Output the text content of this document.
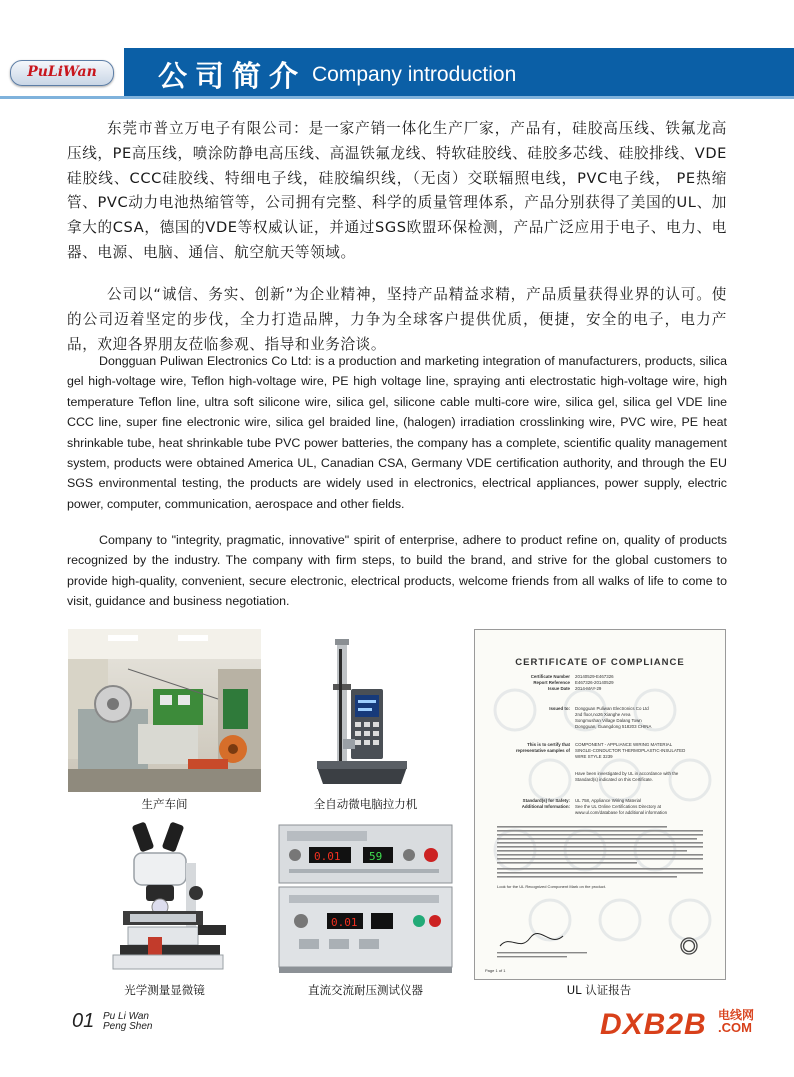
PuLiWan	公司简介 Company introduction

东莞市普立万电子有限公司：是一家产销一体化生产厂家，产品有，硅胶高压线、铁氟龙高压线，PE高压线，喷涂防静电高压线、高温铁氟龙线、特软硅胶线、硅胶多芯线、硅胶排线、VDE硅胶线、CCC硅胶线、特细电子线，硅胶编织线，（无卤）交联辐照电线，PVC电子线， PE热缩管、PVC动力电池热缩管等，公司拥有完整、科学的质量管理体系，产品分别获得了美国的UL、加拿大的CSA，德国的VDE等权威认证，并通过SGS欧盟环保检测，产品广泛应用于电子、电力、电器、电源、电脑、通信、航空航天等领域。

公司以“诚信、务实、创新”为企业精神，坚持产品精益求精，产品质量获得业界的认可。使的公司迈着坚定的步伐，全力打造品牌，力争为全球客户提供优质，便捷，安全的电子，电力产品，欢迎各界朋友莅临参观、指导和业务洽谈。

Dongguan Puliwan Electronics Co Ltd: is a production and marketing integration of manufacturers, products, silica gel high-voltage wire, Teflon high-voltage wire, PE high voltage line, spraying anti electrostatic high-voltage wire, high temperature Teflon line, ultra soft silicone wire, silica gel, silicone cable multi-core wire, silica gel, silica gel VDE line CCC line, super fine electronic wire, silica gel braided line, (halogen) irradiation crosslinking wire, PVC wire, PE heat shrinkable tube, heat shrinkable tube PVC power batteries, the company has a complete, scientific quality management system, products were obtained America UL, Canadian CSA, Germany VDE certification authority, and through the EU SGS environmental testing, the products are widely used in electronics, electrical appliances, power supply, electric power, computer, communication, aerospace and other fields.

Company to "integrity, pragmatic, innovative" spirit of enterprise, adhere to product refine on, quality of products recognized by the industry. The company with firm steps, to build the brand, and strive for the global customers to provide high-quality, convenient, secure electronic, electrical products, welcome friends from all walks of life to come to visit, guidance and business negotiation.

生产车间	全自动微电脑拉力机
光学测量显微镜
0.01	59
0.01
直流交流耐压测试仪器
CERTIFICATE OF COMPLIANCE
Certificate Number 20140529-E467326
Report Reference E467326-20140529
Issue Date 2014-MAY-29
Issued to: Dongguan Puliwan Electronics Co Ltd
2nd floor,no26 Xianghe Area
Songmushan Village Dalang Town
Dongguan, Guangdong 518203 CHINA
This is to certify that
representative samples of
COMPONENT - APPLIANCE WIRING MATERIAL
SINGLE-CONDUCTOR THERMOPLASTIC-INSULATED
WIRE STYLE 3239
Have been investigated by UL in accordance with the
Standard(s) indicated on this Certificate.
Standard(s) for Safety:
Additional Information:
UL 758, Appliance Wiring Material
See the UL Online Certifications Directory at
www.ul.com/database for additional information
Look for the UL Recognized Component Mark on the product.
Page 1 of 1
UL 认证报告
01 Pu Li Wan
Peng Shen	DXB2B 电线网
.COM
